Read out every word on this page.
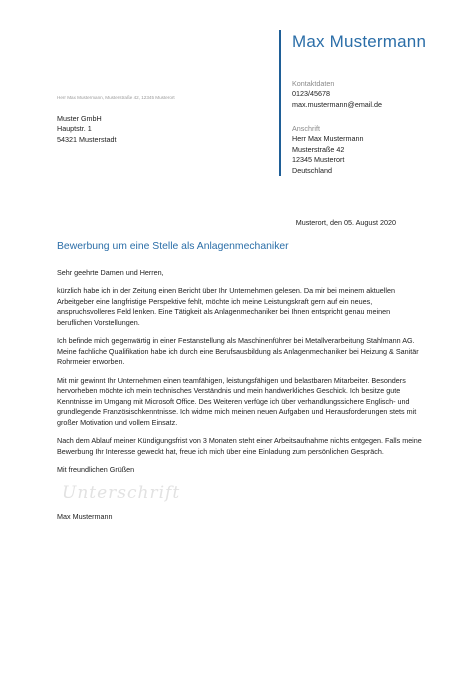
Max Mustermann
Kontaktdaten
0123/45678
max.mustermann@email.de
Anschrift
Herr Max Mustermann
Musterstraße 42
12345 Musterort
Deutschland
Herr Max Mustermann, Musterstraße 42, 12345 Musterort
Muster GmbH
Hauptstr. 1
54321 Musterstadt
Musterort, den 05. August 2020
Bewerbung um eine Stelle als Anlagenmechaniker

Sehr geehrte Damen und Herren,

kürzlich habe ich in der Zeitung einen Bericht über Ihr Unternehmen gelesen. Da mir bei meinem aktuellen Arbeitgeber eine langfristige Perspektive fehlt, möchte ich meine Leistungskraft gern auf ein neues, anspruchsvolleres Feld lenken. Eine Tätigkeit als Anlagenmechaniker bei Ihnen entspricht genau meinen beruflichen Vorstellungen.

Ich befinde mich gegenwärtig in einer Festanstellung als Maschinenführer bei Metallverarbeitung Stahlmann AG. Meine fachliche Qualifikation habe ich durch eine Berufsausbildung als Anlagenmechaniker bei Heizung & Sanitär Rohrmeier erworben.

Mit mir gewinnt Ihr Unternehmen einen teamfähigen, leistungsfähigen und belastbaren Mitarbeiter. Besonders hervorheben möchte ich mein technisches Verständnis und mein handwerkliches Geschick. Ich besitze gute Kenntnisse im Umgang mit Microsoft Office. Des Weiteren verfüge ich über verhandlungssichere Englisch- und grundlegende Französischkenntnisse. Ich widme mich meinen neuen Aufgaben und Herausforderungen stets mit großer Motivation und vollem Einsatz.

Nach dem Ablauf meiner Kündigungsfrist von 3 Monaten steht einer Arbeitsaufnahme nichts entgegen. Falls meine Bewerbung Ihr Interesse geweckt hat, freue ich mich über eine Einladung zum persönlichen Gespräch.

Mit freundlichen Grüßen

Unterschrift
Max Mustermann
